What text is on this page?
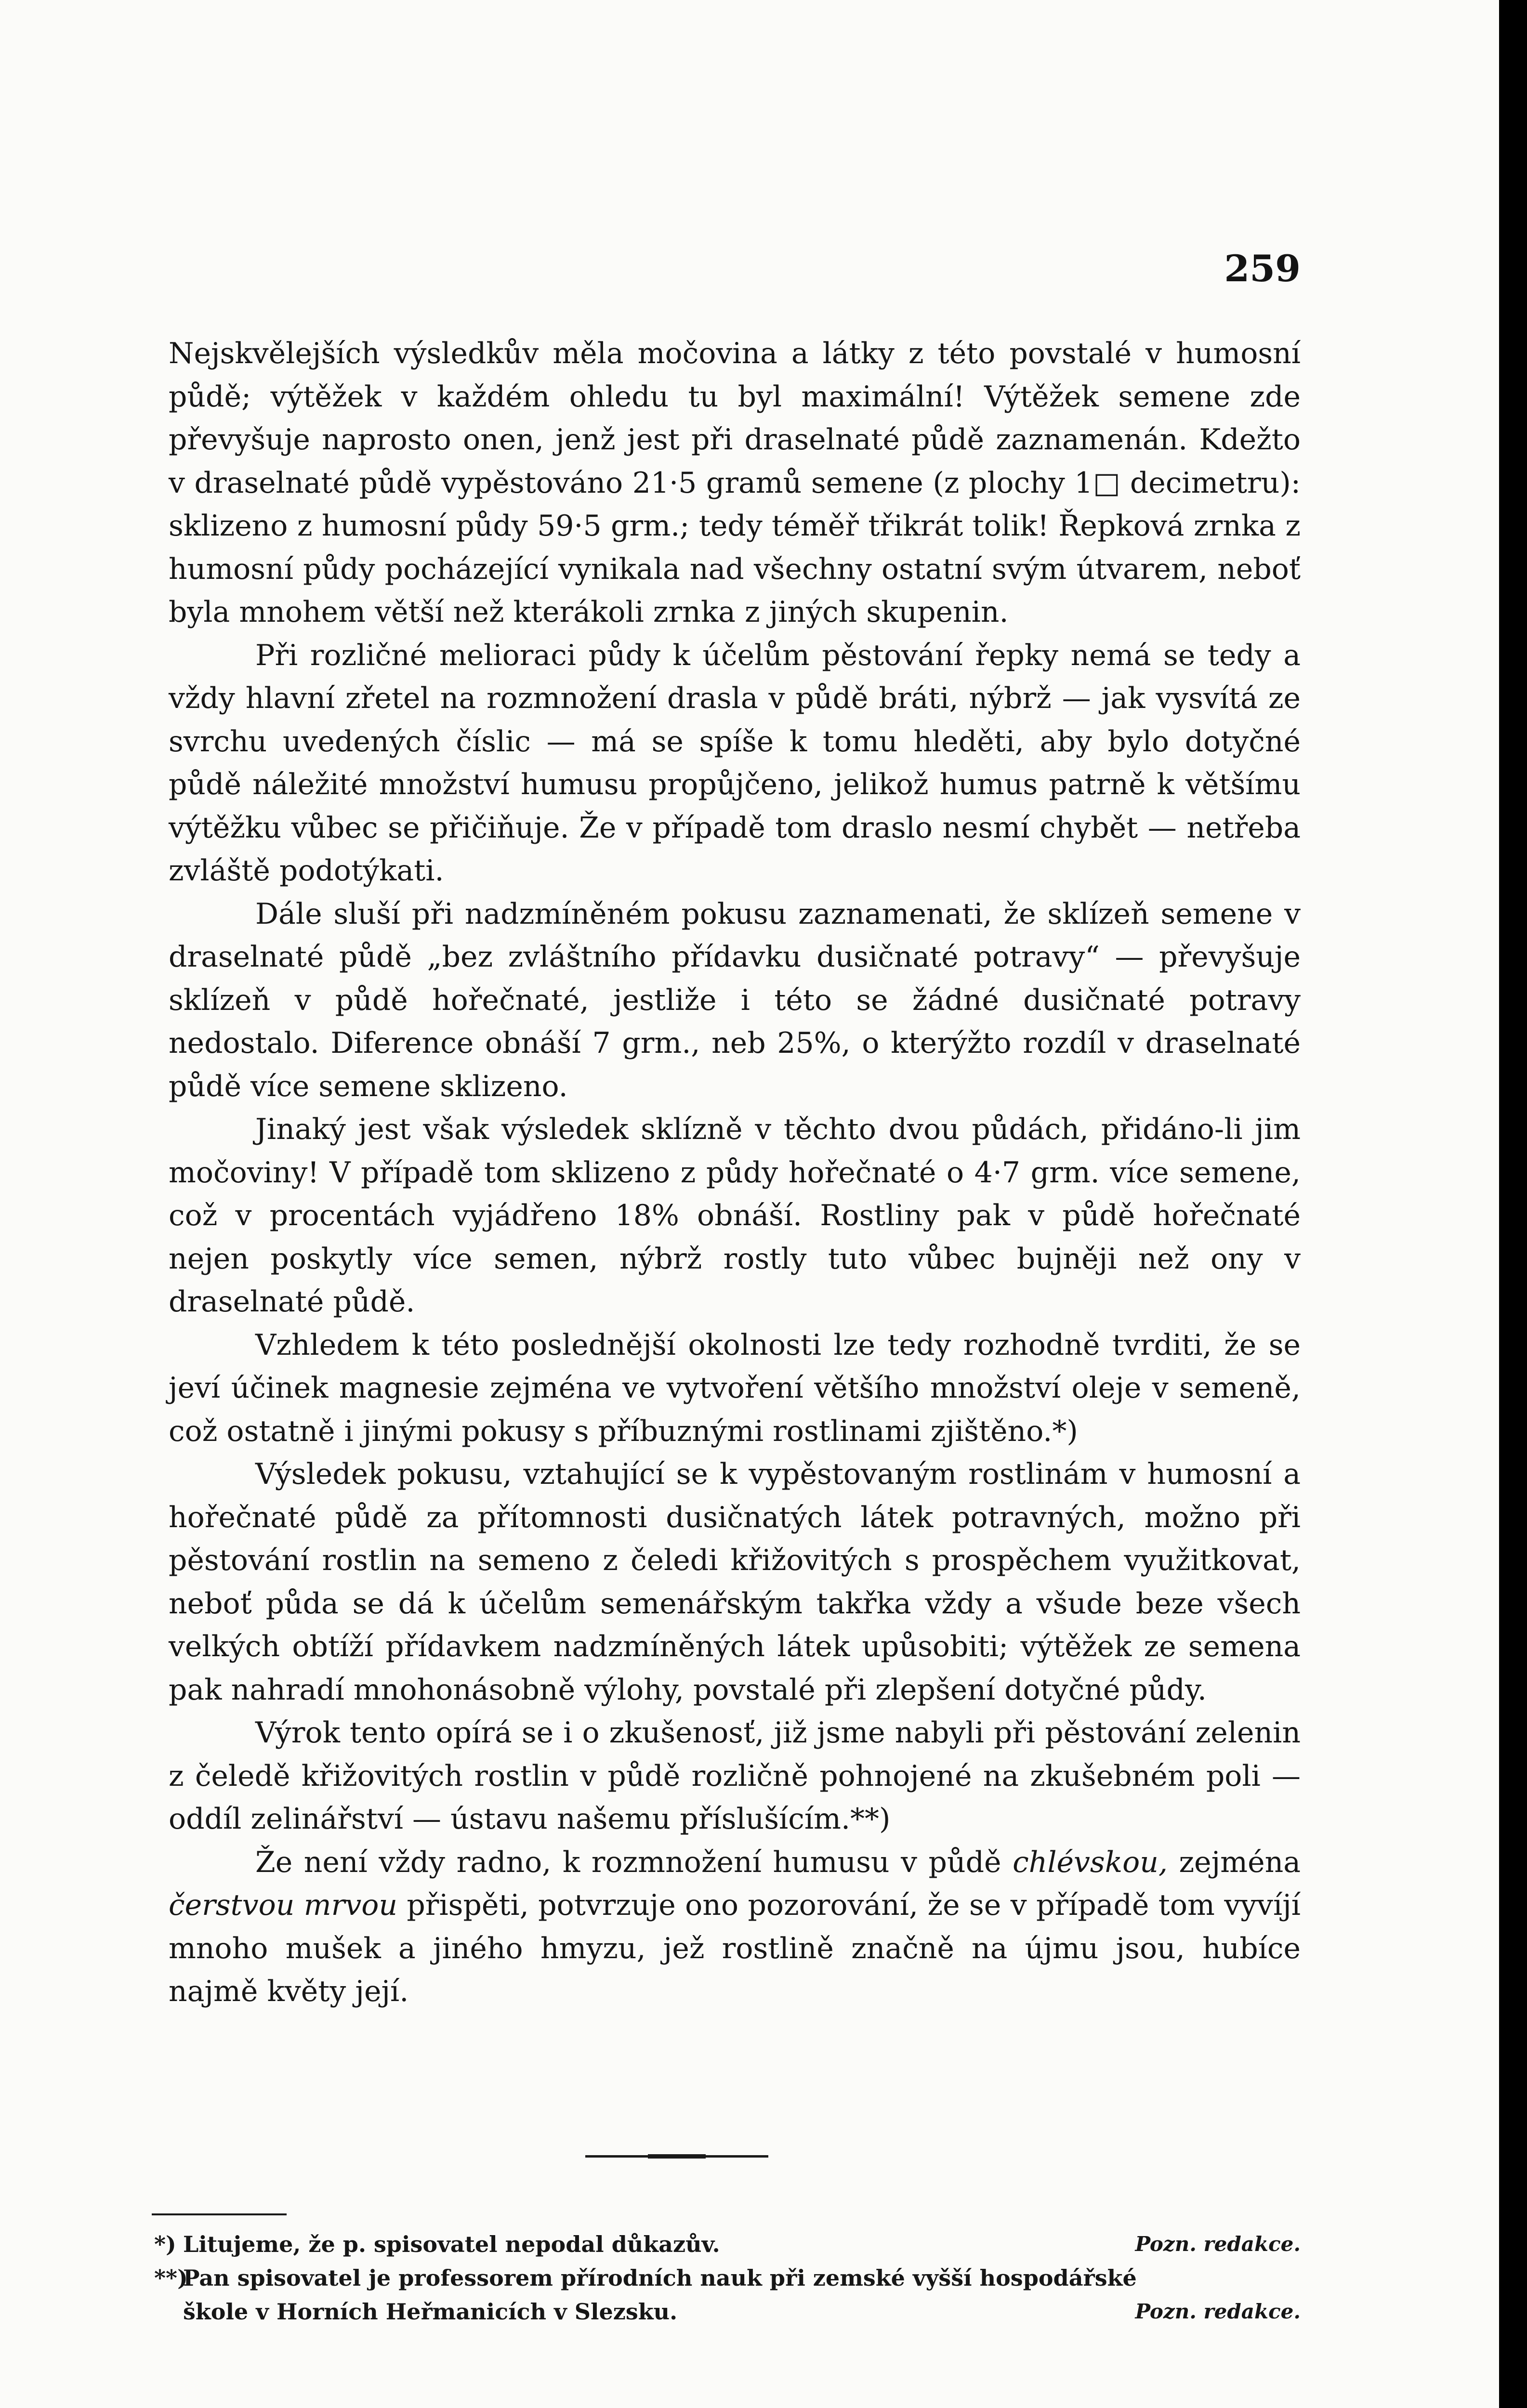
259

Nejskvělejších výsledkův měla močovina a látky z této povstalé v humosní půdě; výtěžek v každém ohledu tu byl maximální! Výtěžek semene zde převyšuje naprosto onen, jenž jest při draselnaté půdě zaznamenán. Kdežto v draselnaté půdě vypěstováno 21·5 gramů semene (z plochy 1□ decimetru): sklizeno z humosní půdy 59·5 grm.; tedy téměř třikrát tolik! Řepková zrnka z humosní půdy pocházející vynikala nad všechny ostatní svým útvarem, neboť byla mnohem větší než kterákoli zrnka z jiných skupenin.

Při rozličné melioraci půdy k účelům pěstování řepky nemá se tedy a vždy hlavní zřetel na rozmnožení drasla v půdě bráti, nýbrž — jak vysvítá ze svrchu uvedených číslic — má se spíše k tomu hleděti, aby bylo dotyčné půdě náležité množství humusu propůjčeno, jelikož humus patrně k většímu výtěžku vůbec se přičiňuje. Že v případě tom draslo nesmí chybět — netřeba zvláště podotýkati.

Dále sluší při nadzmíněném pokusu zaznamenati, že sklízeň semene v draselnaté půdě „bez zvláštního přídavku dusičnaté potravy“ — převyšuje sklízeň v půdě hořečnaté, jestliže i této se žádné dusičnaté potravy nedostalo. Diference obnáší 7 grm., neb 25%, o kterýžto rozdíl v draselnaté půdě více semene sklizeno.

Jinaký jest však výsledek sklízně v těchto dvou půdách, přidáno-li jim močoviny! V případě tom sklizeno z půdy hořečnaté o 4·7 grm. více semene, což v procentách vyjádřeno 18% obnáší. Rostliny pak v půdě hořečnaté nejen poskytly více semen, nýbrž rostly tuto vůbec bujněji než ony v draselnaté půdě.

Vzhledem k této poslednější okolnosti lze tedy rozhodně tvrditi, že se jeví účinek magnesie zejména ve vytvoření většího množství oleje v semeně, což ostatně i jinými pokusy s příbuznými rostlinami zjištěno.*)

Výsledek pokusu, vztahující se k vypěstovaným rostlinám v humosní a hořečnaté půdě za přítomnosti dusičnatých látek potravných, možno při pěstování rostlin na semeno z čeledi křižovitých s prospěchem využitkovat, neboť půda se dá k účelům semenářským takřka vždy a všude beze všech velkých obtíží přídavkem nadzmíněných látek upůsobiti; výtěžek ze semena pak nahradí mnohonásobně výlohy, povstalé při zlepšení dotyčné půdy.

Výrok tento opírá se i o zkušenosť, již jsme nabyli při pěstování zelenin z čeledě křižovitých rostlin v půdě rozličně pohnojené na zkušebném poli — oddíl zelinářství — ústavu našemu příslušícím.**)

Že není vždy radno, k rozmnožení humusu v půdě chlévskou, zejména čerstvou mrvou přispěti, potvrzuje ono pozorování, že se v případě tom vyvíjí mnoho mušek a jiného hmyzu, jež rostlině značně na újmu jsou, hubíce najmě květy její.

*) Litujeme, že p. spisovatel nepodal důkazův.	Pozn. redakce.
**)
Pan spisovatel je professorem přírodních nauk při zemské vyšší hospodářské škole v Horních Heřmanicích v Slezsku.	Pozn. redakce.
